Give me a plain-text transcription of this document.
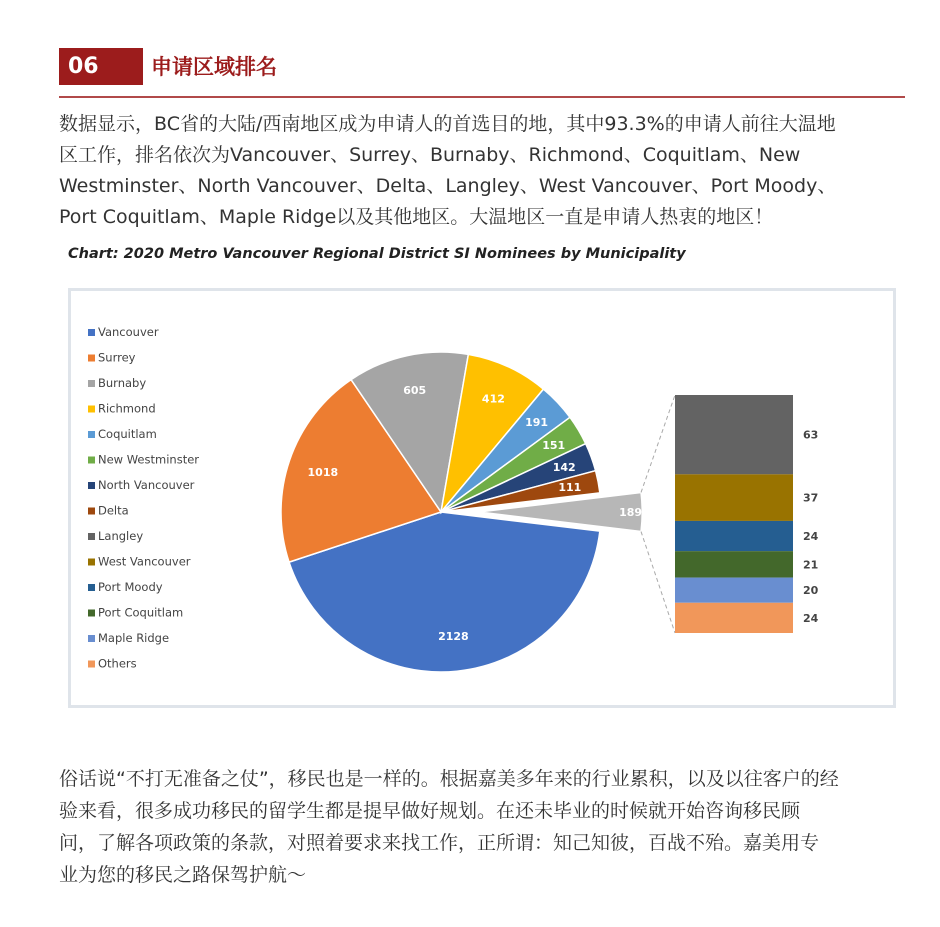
06	申请区域排名

数据显示，BC省的大陆/西南地区成为申请人的首选目的地，其中93.3%的申请人前往大温地
区工作，排名依次为Vancouver、Surrey、Burnaby、Richmond、Coquitlam、New
Westminster、North Vancouver、Delta、Langley、West Vancouver、Port Moody、
Port Coquitlam、Maple Ridge以及其他地区。大温地区一直是申请人热衷的地区！

Chart: 2020 Metro Vancouver Regional District SI Nominees by Municipality
Vancouver
Surrey
Burnaby
Richmond
Coquitlam
New Westminster
North Vancouver
Delta
Langley
West Vancouver
Port Moody
Port Coquitlam
Maple Ridge
Others
2128
1018
605
412
191
151
142
111
189
63
37
24
21
20
24

俗话说“不打无准备之仗”，移民也是一样的。根据嘉美多年来的行业累积，以及以往客户的经
验来看，很多成功移民的留学生都是提早做好规划。在还未毕业的时候就开始咨询移民顾
问，了解各项政策的条款，对照着要求来找工作，正所谓：知己知彼，百战不殆。嘉美用专
业为您的移民之路保驾护航～
